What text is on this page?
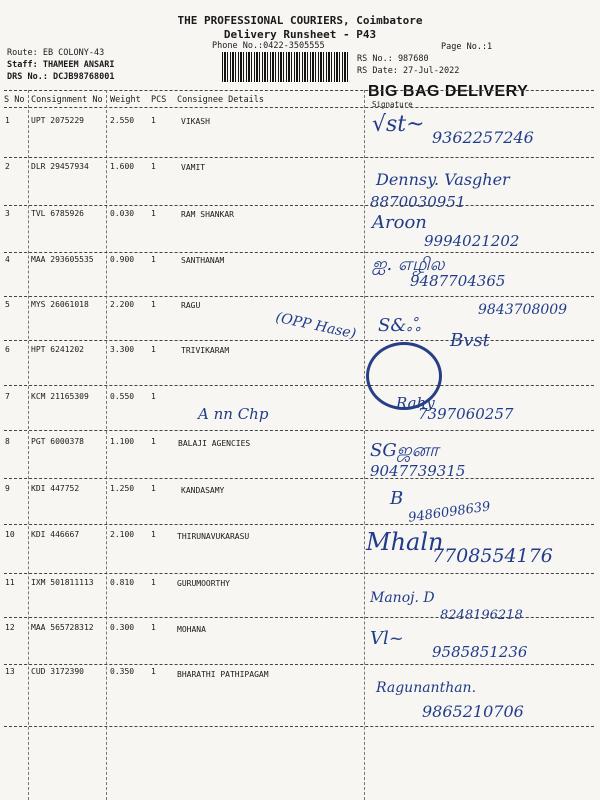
THE PROFESSIONAL COURIERS, Coimbatore
Delivery Runsheet - P43
Phone No.:0422-3505555	Page No.:1
Route: EB COLONY-43
Staff: THAMEEM ANSARI
DRS No.: DCJB98768001
RS No.: 987680
RS Date: 27-Jul-2022
BIG BAG DELIVERY
S No Consignment No Weight PCS Consignee Details	Signature
1	UPT 2075229	2.550 1	VIKASH	√st~
9362257246
2	DLR 29457934	1.600 1	VAMIT
Dennsy. Vasgher
8870030951
3	TVL 6785926	0.030 1	RAM SHANKAR	Aroon
9994021202
4	MAA 293605535 0.900 1	SANTHANAM	ஐ. எழில
9487704365
5	MYS 26061018	2.200 1	RAGU
(OPP Hase) S&ஃ
9843708009
6	HPT 6241202	3.300 1	TRIVIKARAM	Bvst
7	KCM 21165309	0.550 1
A nn Chp
Rahy
7397060257
8	PGT 6000378	1.100 1	BALAJI AGENCIES	SGஜனா
9047739315
9	KDI 447752	1.250 1	KANDASAMY	B
9486098639
10 KDI 446667	2.100 1	THIRUNAVUKARASU	Mhaln
7708554176
11 IXM 501811113 0.810 1	GURUMOORTHY
Manoj. D
8248196218
12 MAA 565728312 0.300 1	MOHANA	Vl~
9585851236
13 CUD 3172390	0.350 1	BHARATHI PATHIPAGAM
Ragunanthan.
9865210706
